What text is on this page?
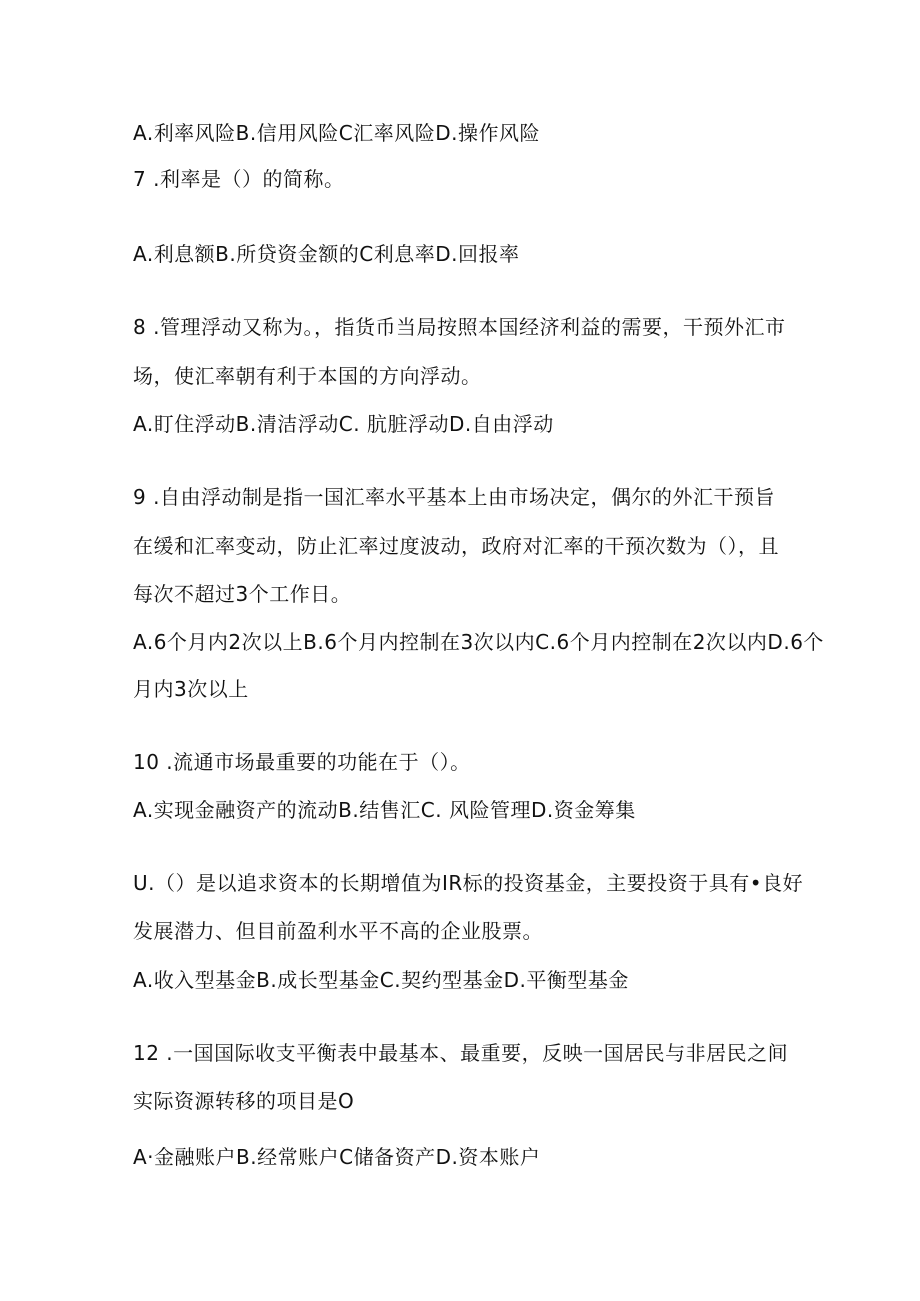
A.利率风险B.信用风险C汇率风险D.操作风险
7 .利率是（）的简称。
A.利息额B.所贷资金额的C利息率D.回报率
8 .管理浮动又称为。，指货币当局按照本国经济利益的需要，干预外汇市
场，使汇率朝有利于本国的方向浮动。
A.盯住浮动B.清洁浮动C. 肮脏浮动D.自由浮动
9 .自由浮动制是指一国汇率水平基本上由市场决定，偶尔的外汇干预旨
在缓和汇率变动，防止汇率过度波动，政府对汇率的干预次数为（），且
每次不超过3个工作日。
A.6个月内2次以上B.6个月内控制在3次以内C.6个月内控制在2次以内D.6个
月内3次以上
10 .流通市场最重要的功能在于（）。
A.实现金融资产的流动B.结售汇C. 风险管理D.资金筹集
U.（）是以追求资本的长期增值为IR标的投资基金，主要投资于具有•良好
发展潜力、但目前盈利水平不高的企业股票。
A.收入型基金B.成长型基金C.契约型基金D.平衡型基金
12 .一国国际收支平衡表中最基本、最重要，反映一国居民与非居民之间
实际资源转移的项目是O
A·金融账户B.经常账户C储备资产D.资本账户
